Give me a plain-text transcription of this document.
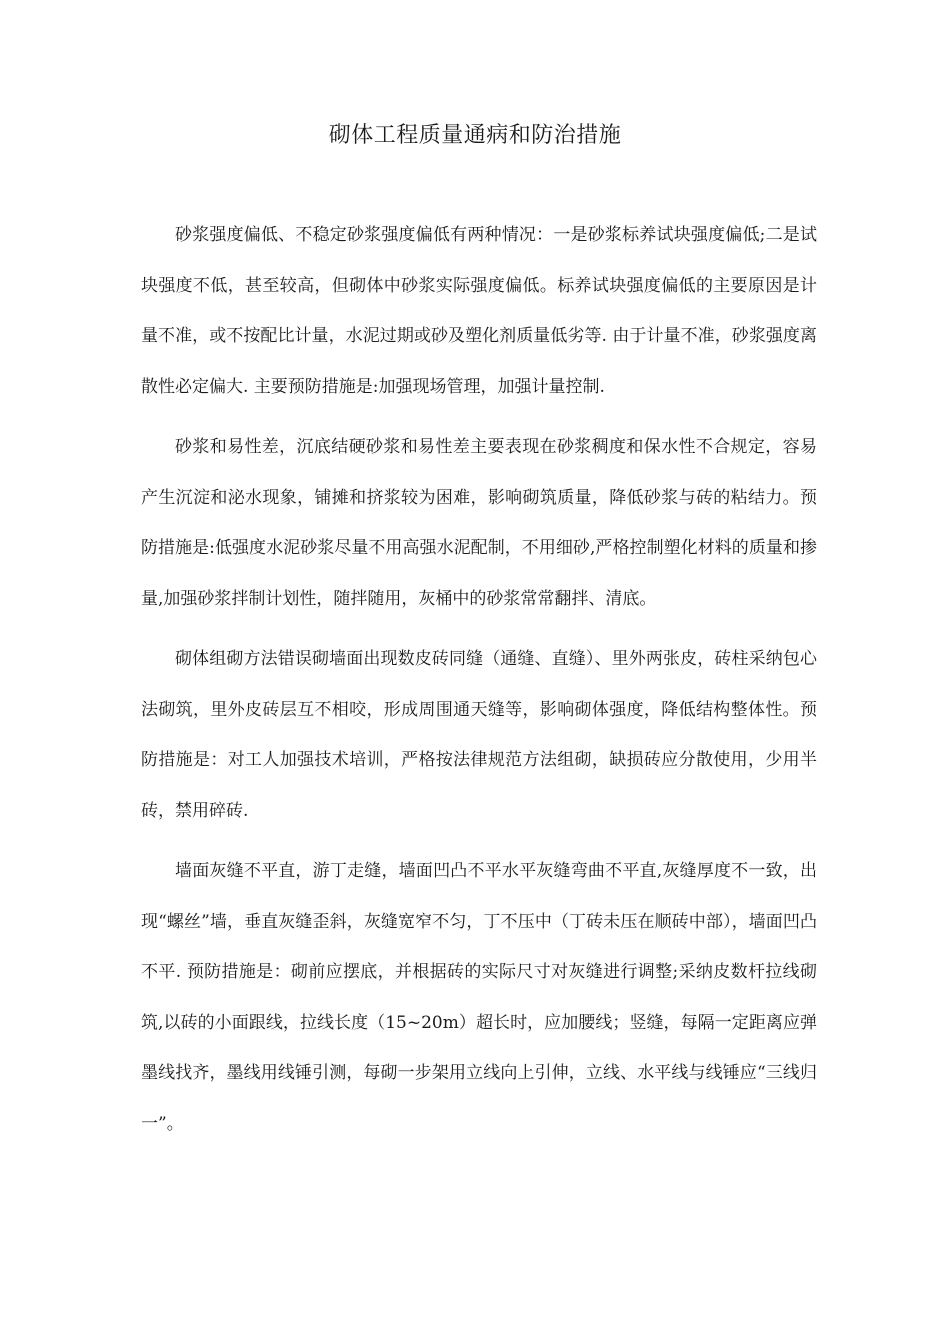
砌体工程质量通病和防治措施

砂浆强度偏低、不稳定砂浆强度偏低有两种情况：一是砂浆标养试块强度偏低;二是试块强度不低，甚至较高，但砌体中砂浆实际强度偏低。标养试块强度偏低的主要原因是计量不准，或不按配比计量，水泥过期或砂及塑化剂质量低劣等. 由于计量不准，砂浆强度离散性必定偏大. 主要预防措施是:加强现场管理，加强计量控制.

砂浆和易性差，沉底结硬砂浆和易性差主要表现在砂浆稠度和保水性不合规定，容易产生沉淀和泌水现象，铺摊和挤浆较为困难，影响砌筑质量，降低砂浆与砖的粘结力。预防措施是:低强度水泥砂浆尽量不用高强水泥配制，不用细砂,严格控制塑化材料的质量和掺量,加强砂浆拌制计划性，随拌随用，灰桶中的砂浆常常翻拌、清底。

砌体组砌方法错误砌墙面出现数皮砖同缝（通缝、直缝）、里外两张皮，砖柱采纳包心法砌筑，里外皮砖层互不相咬，形成周围通天缝等，影响砌体强度，降低结构整体性。预防措施是：对工人加强技术培训，严格按法律规范方法组砌，缺损砖应分散使用，少用半砖，禁用碎砖.

墙面灰缝不平直，游丁走缝，墙面凹凸不平水平灰缝弯曲不平直,灰缝厚度不一致，出现“螺丝”墙，垂直灰缝歪斜，灰缝宽窄不匀，丁不压中（丁砖未压在顺砖中部），墙面凹凸不平. 预防措施是：砌前应摆底，并根据砖的实际尺寸对灰缝进行调整;采纳皮数杆拉线砌筑,以砖的小面跟线，拉线长度（15~20m）超长时，应加腰线；竖缝，每隔一定距离应弹墨线找齐，墨线用线锤引测，每砌一步架用立线向上引伸，立线、水平线与线锤应“三线归一”。
